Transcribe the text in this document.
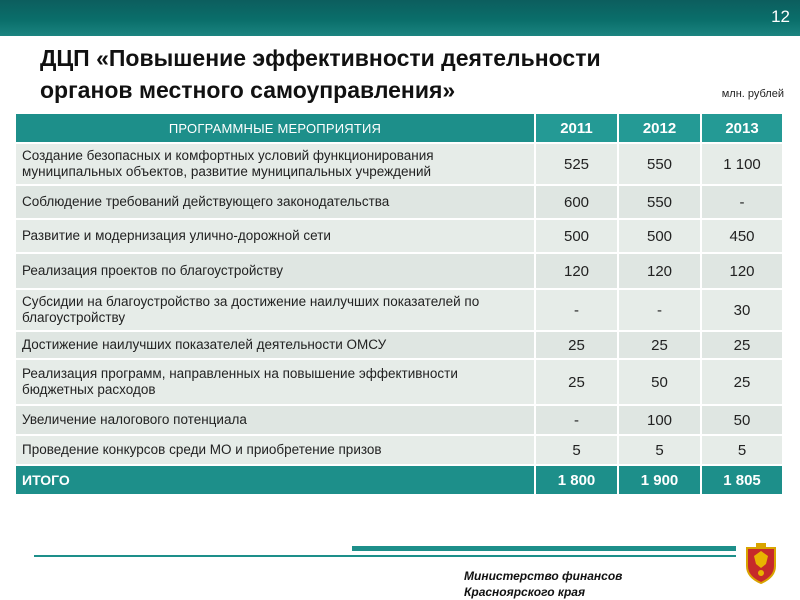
12
ДЦП «Повышение эффективности деятельности
органов местного самоуправления»	млн. рублей
ПРОГРАММНЫЕ МЕРОПРИЯТИЯ	2011	2012	2013
Создание безопасных и комфортных условий функционирования муниципальных объектов, развитие муниципальных учреждений	525	550	1 100
Соблюдение требований действующего законодательства	600	550	-
Развитие и модернизация улично-дорожной сети	500	500	450
Реализация проектов по благоустройству	120	120	120
Субсидии на благоустройство за достижение наилучших показателей по благоустройству	-	-	30
Достижение наилучших показателей деятельности ОМСУ	25	25	25
Реализация программ, направленных на повышение эффективности бюджетных расходов	25	50	25
Увеличение налогового потенциала	-	100	50
Проведение конкурсов среди МО и приобретение призов	5	5	5
ИТОГО	1 800	1 900	1 805
Министерство финансов
Красноярского края
